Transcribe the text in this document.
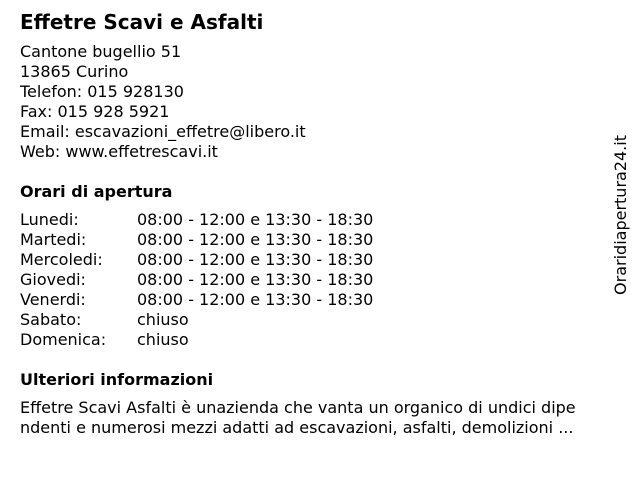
Effetre Scavi e Asfalti
Cantone bugellio 51
13865 Curino
Telefon: 015 928130
Fax: 015 928 5921
Email: escavazioni_effetre@libero.it
Web: www.effetrescavi.it
Orari di apertura
Lunedi:	08:00 - 12:00 e 13:30 - 18:30
Martedi:	08:00 - 12:00 e 13:30 - 18:30
Mercoledi:	08:00 - 12:00 e 13:30 - 18:30
Giovedi:	08:00 - 12:00 e 13:30 - 18:30
Venerdi:	08:00 - 12:00 e 13:30 - 18:30
Sabato:	chiuso
Domenica:	chiuso
Ulteriori informazioni
Effetre Scavi Asfalti è unazienda che vanta un organico di undici dipe
ndenti e numerosi mezzi adatti ad escavazioni, asfalti, demolizioni ...
Oraridiapertura24.it
